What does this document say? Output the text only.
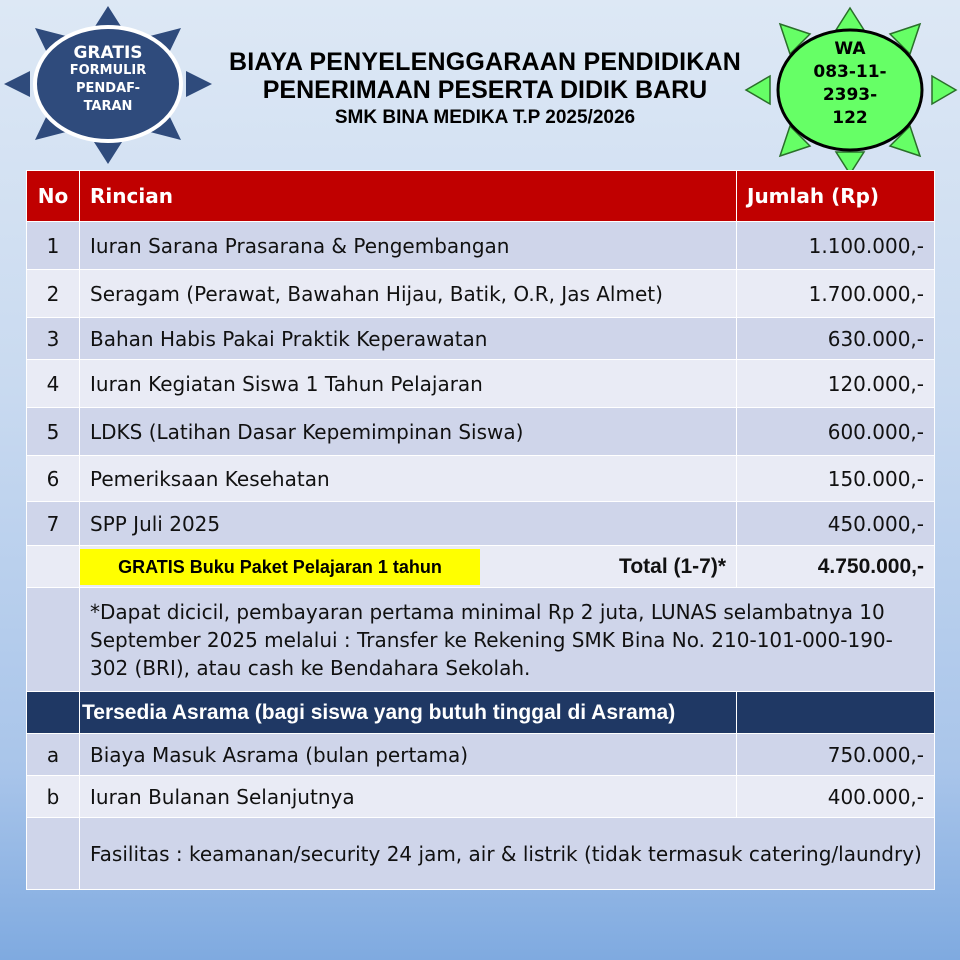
GRATIS
FORMULIR
PENDAF-
TARAN
BIAYA PENYELENGGARAAN PENDIDIKAN
PENERIMAAN PESERTA DIDIK BARU
SMK BINA MEDIKA T.P 2025/2026
WA
083-11-
2393-
122
No	Rincian	Jumlah (Rp)
1	Iuran Sarana Prasarana & Pengembangan	1.100.000,-
2	Seragam (Perawat, Bawahan Hijau, Batik, O.R, Jas Almet)	1.700.000,-
3	Bahan Habis Pakai Praktik Keperawatan	630.000,-
4	Iuran Kegiatan Siswa 1 Tahun Pelajaran	120.000,-
5	LDKS (Latihan Dasar Kepemimpinan Siswa)	600.000,-
6	Pemeriksaan Kesehatan	150.000,-
7	SPP Juli 2025	450.000,-
	GRATIS Buku Paket Pelajaran 1 tahun Total (1-7)*	4.750.000,-
	*Dapat dicicil, pembayaran pertama minimal Rp 2 juta, LUNAS selambatnya 10 September 2025 melalui : Transfer ke Rekening SMK Bina No. 210-101-000-190-302 (BRI), atau cash ke Bendahara Sekolah.	
	Tersedia Asrama (bagi siswa yang butuh tinggal di Asrama)	
a	Biaya Masuk Asrama (bulan pertama)	750.000,-
b	Iuran Bulanan Selanjutnya	400.000,-
	Fasilitas : keamanan/security 24 jam, air & listrik (tidak termasuk catering/laundry)	
